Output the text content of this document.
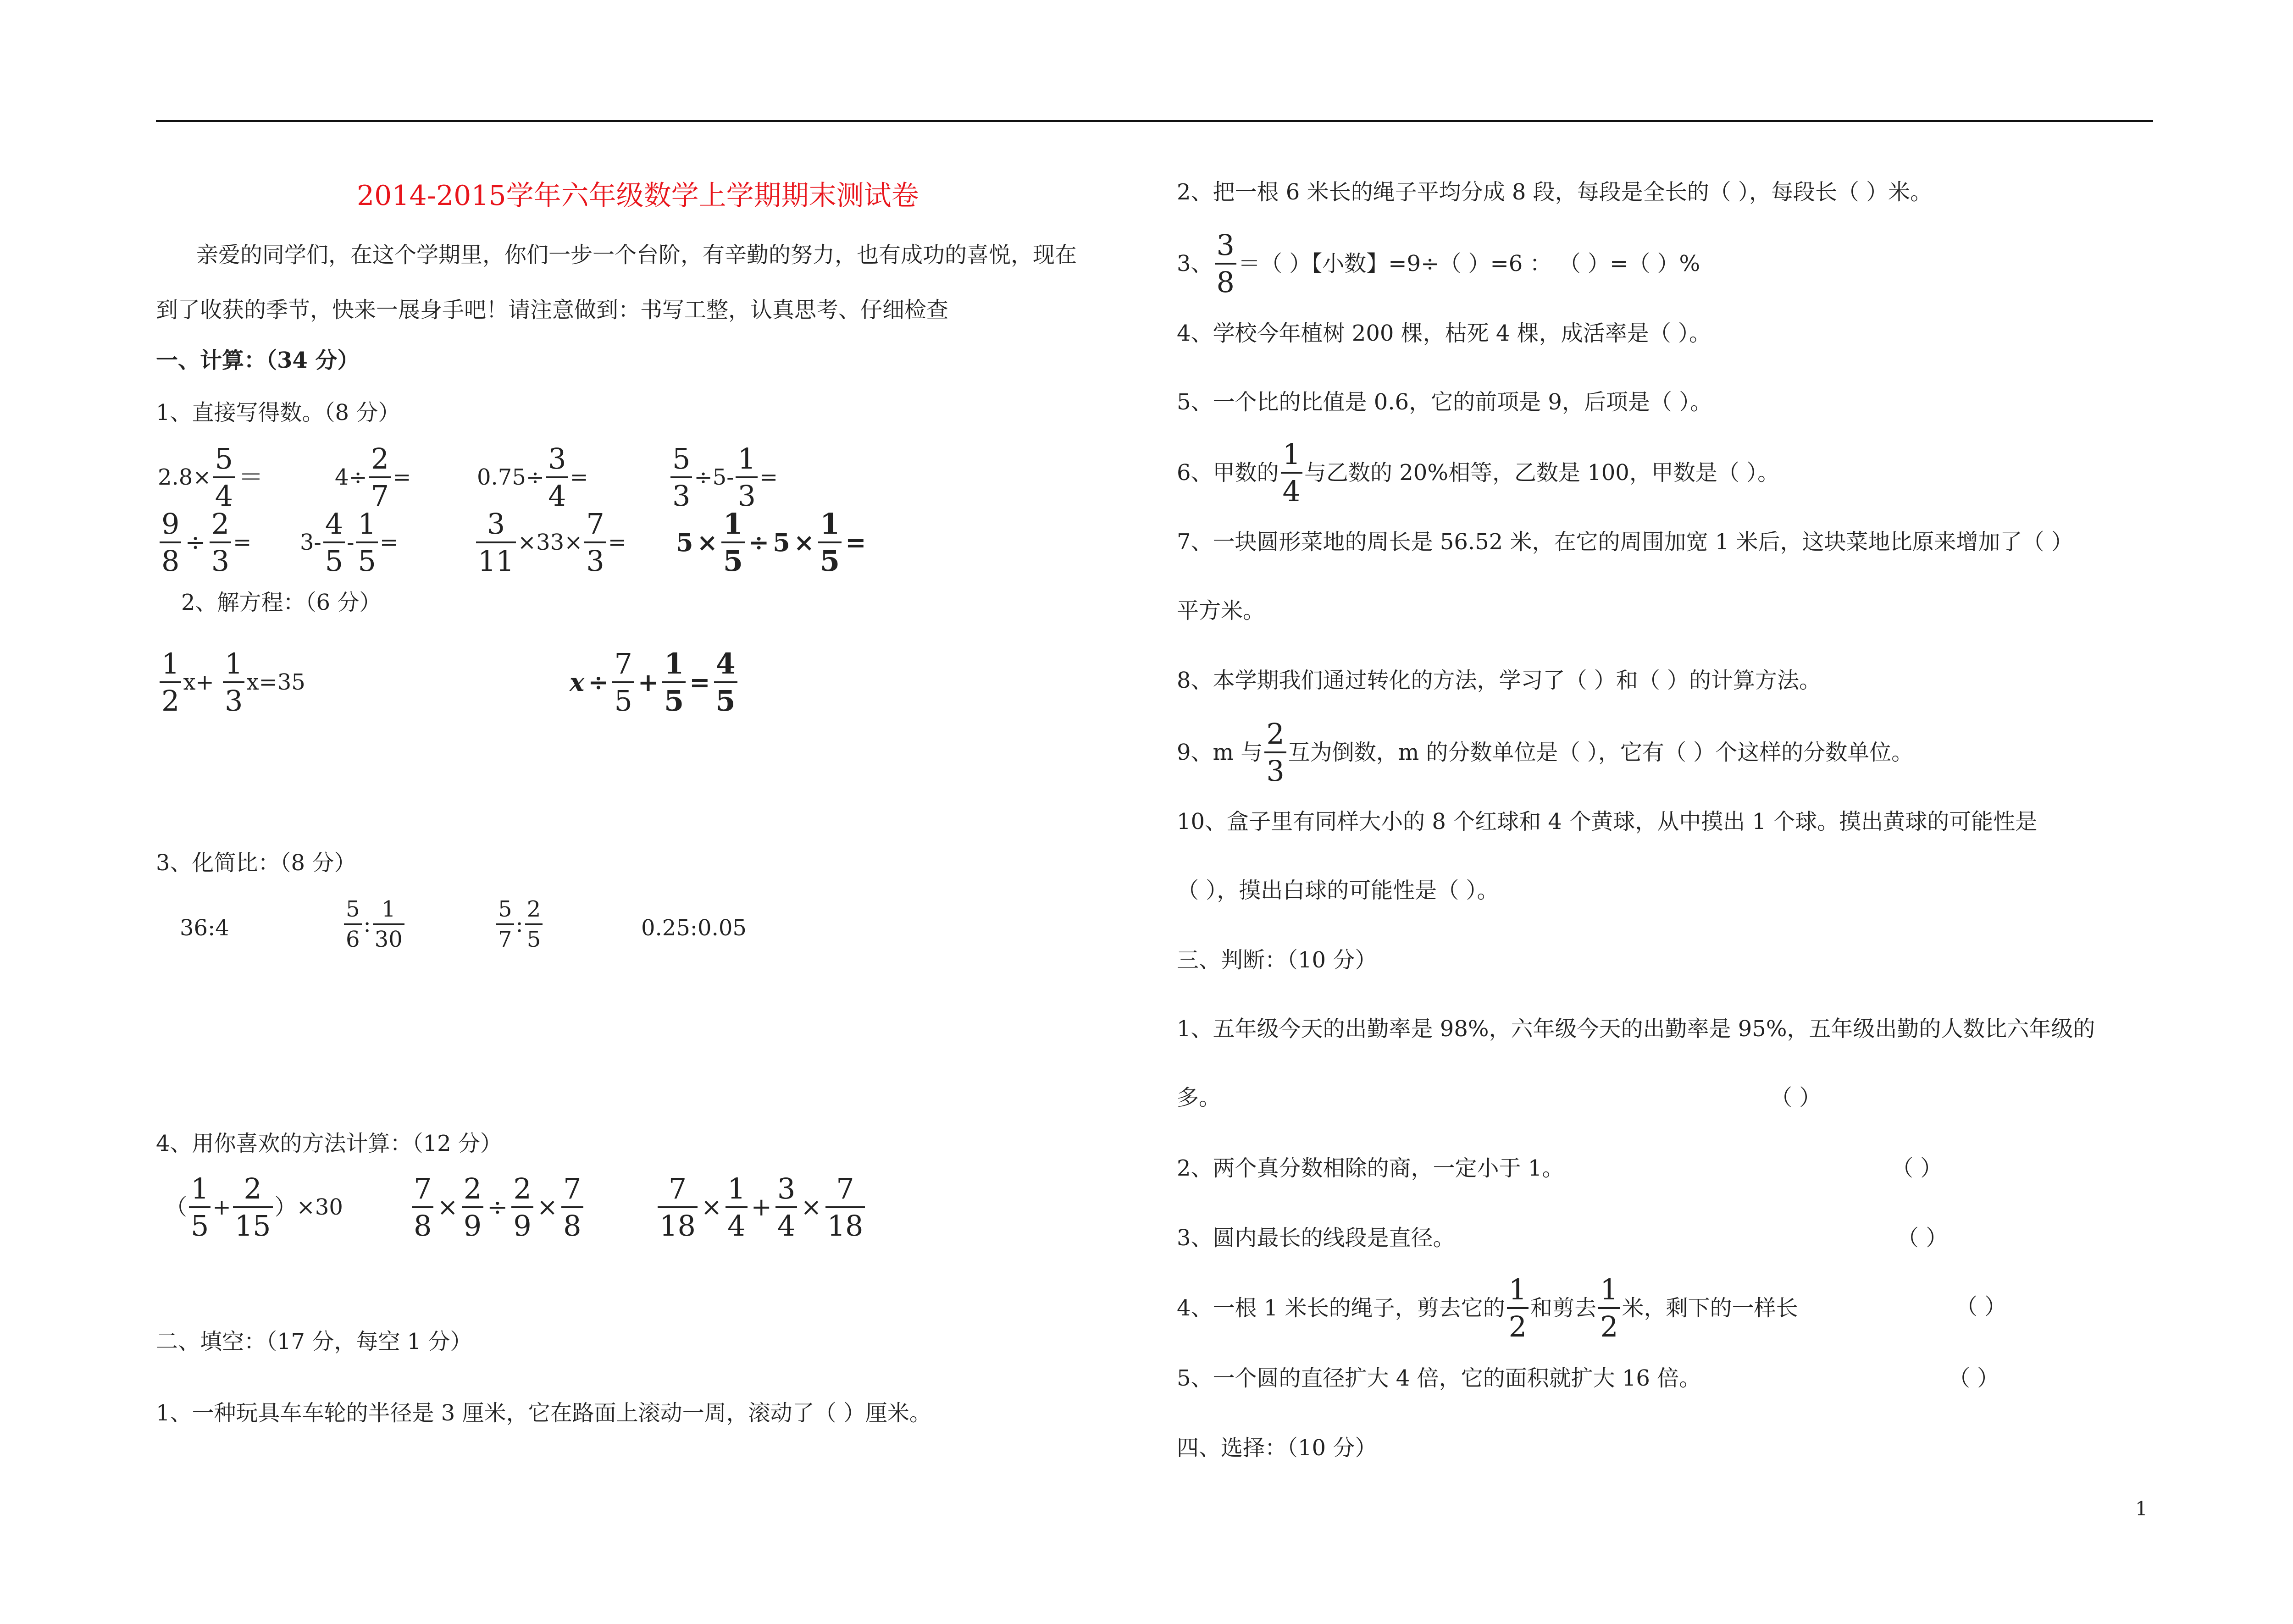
2014-2015学年六年级数学上学期期末测试卷
亲爱的同学们，在这个学期里，你们一步一个台阶，有辛勤的努力，也有成功的喜悦，现在
到了收获的季节，快来一展身手吧！请注意做到：书写工整，认真思考、仔细检查
一、计算：（34 分）
1、直接写得数。（8 分）
$2.8\times \frac{5}{4}$ ＝	$4\div \frac{2}{7}$ =	$0.75\div \frac{3}{4}$ =	$\frac{5}{3} \div 5- \frac{1}{3}$ =
$\frac{9}{8} \div \frac{2}{3} = 3- \frac{4}{5} - \frac{1}{5}$ =	$\frac{3}{11} \times 33\times \frac{7}{3} = 5 \times \frac{1}{5} \div 5 \times \frac{1}{5}$ =
2、解方程：（6 分）
$\frac{1}{2} x+ \frac{1}{3} x=35$	$x \div \frac{7}{5} + \frac{1}{5} = \frac{4}{5}$
3、化简比：（8 分）
36:4	$\frac{5}{6}$ : $\frac{1}{30}$	$\frac{5}{7}$ : $\frac{2}{5}$	0.25:0.05
4、用你喜欢的方法计算：（12 分）
（ $\frac{1}{5} + \frac{2}{15} )\times 30 \frac{7}{8} \times \frac{2}{9} \div \frac{2}{9} \times \frac{7}{8}$	$\frac{7}{18} \times \frac{1}{4} + \frac{3}{4} \times \frac{7}{18}$
二、填空：（17 分，每空 1 分）
1、一种玩具车车轮的半径是 3 厘米，它在路面上滚动一周，滚动了（ ）厘米。
2、把一根 6 米长的绳子平均分成 8 段，每段是全长的（ ），每段长（ ）米。
3、 $\frac{3}{8}$ ＝（ ）【小数】=9÷（ ）=6 ： （ ）=（ ）%
4、学校今年植树 200 棵，枯死 4 棵，成活率是（ ）。
5、一个比的比值是 0.6，它的前项是 9，后项是（ ）。
6、甲数的 $\frac{1}{4}$ 与乙数的 20%相等，乙数是 100，甲数是（ ）。
7、一块圆形菜地的周长是 56.52 米，在它的周围加宽 1 米后，这块菜地比原来增加了（ ）
平方米。
8、本学期我们通过转化的方法，学习了（ ）和（ ）的计算方法。
9、m 与 $\frac{2}{3}$ 互为倒数，m 的分数单位是（ ），它有（ ）个这样的分数单位。
10、盒子里有同样大小的 8 个红球和 4 个黄球，从中摸出 1 个球。摸出黄球的可能性是
（ ），摸出白球的可能性是（ ）。
三、判断：（10 分）
1、五年级今天的出勤率是 98%，六年级今天的出勤率是 95%，五年级出勤的人数比六年级的
多。	（ ）
2、两个真分数相除的商，一定小于 1。	（ ）
3、圆内最长的线段是直径。	（ ）
4、一根 1 米长的绳子，剪去它的 $\frac{1}{2}$ 和剪去 $\frac{1}{2}$ 米，剩下的一样长	（ ）
5、一个圆的直径扩大 4 倍，它的面积就扩大 16 倍。	（ ）
四、选择：（10 分）
1
